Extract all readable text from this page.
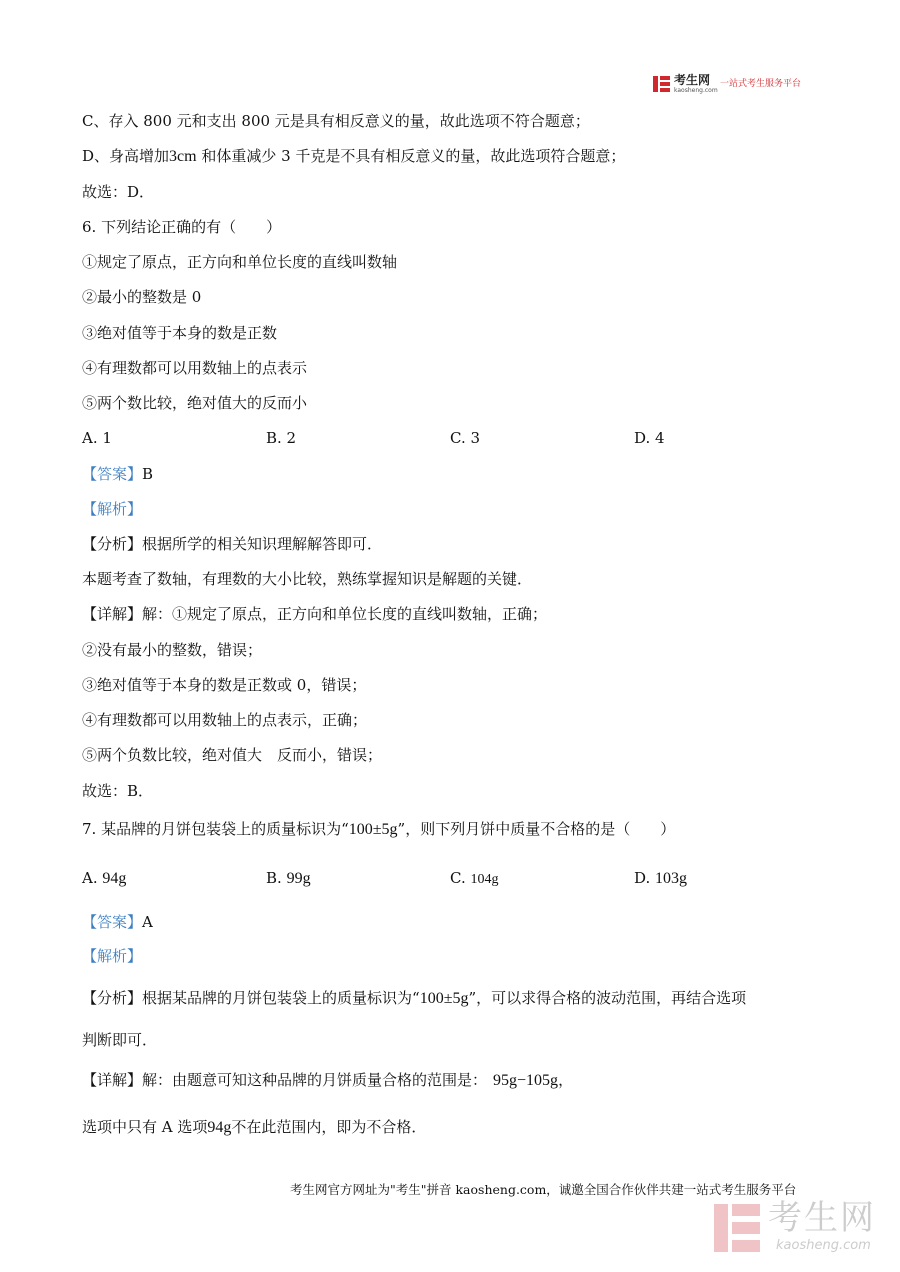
考生网
kaosheng.com
一站式考生服务平台
C、存入 800 元和支出 800 元是具有相反意义的量，故此选项不符合题意；
D、身高增加3cm 和体重减少 3 千克是不具有相反意义的量，故此选项符合题意；
故选：D．
6. 下列结论正确的有（　　）
①规定了原点，正方向和单位长度的直线叫数轴
②最小的整数是 0
③绝对值等于本身的数是正数
④有理数都可以用数轴上的点表示
⑤两个数比较，绝对值大的反而小
A. 1	B. 2	C. 3	D. 4
【答案】B
【解析】
【分析】根据所学的相关知识理解解答即可．
本题考查了数轴，有理数的大小比较，熟练掌握知识是解题的关键．
【详解】解：①规定了原点，正方向和单位长度的直线叫数轴，正确；
②没有最小的整数，错误；
③绝对值等于本身的数是正数或 0，错误；
④有理数都可以用数轴上的点表示，正确；
⑤两个负数比较，绝对值大　反而小，错误；
故选：B．
7. 某品牌的月饼包装袋上的质量标识为“100±5g”，则下列月饼中质量不合格的是（　　）
A. 94g	B. 99g	C. 104g	D. 103g
【答案】A
【解析】
【分析】根据某品牌的月饼包装袋上的质量标识为“100±5g”，可以求得合格的波动范围，再结合选项
判断即可．
【详解】解：由题意可知这种品牌的月饼质量合格的范围是： 95g−105g，
选项中只有 A 选项94g不在此范围内，即为不合格．
考生网官方网址为"考生"拼音 kaosheng.com，诚邀全国合作伙伴共建一站式考生服务平台
考生网
kaosheng.com
